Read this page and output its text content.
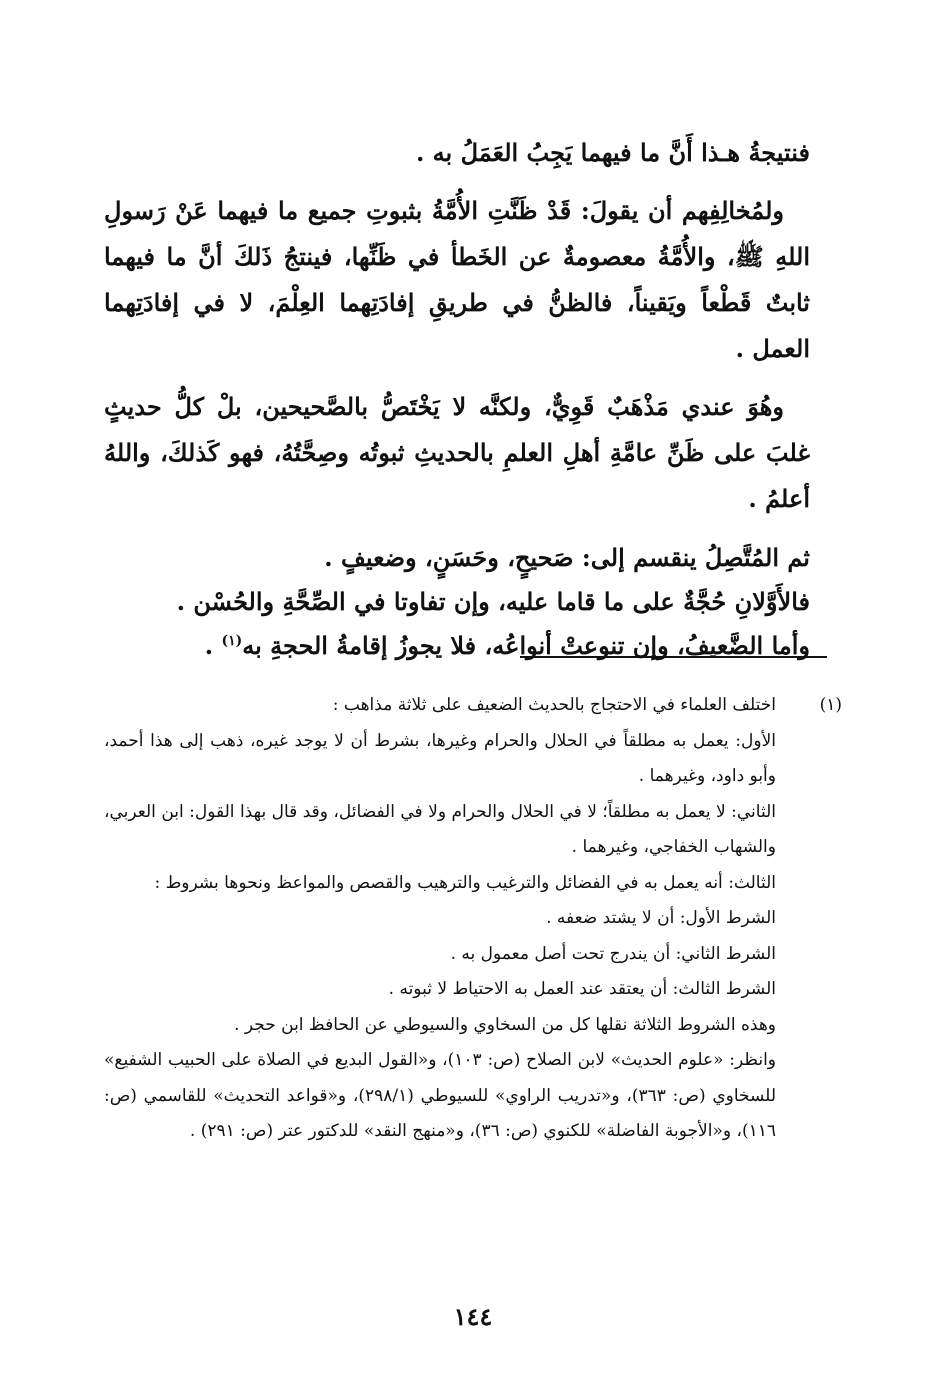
فنتيجةُ هـذا أَنَّ ما فيهما يَجِبُ العَمَلُ به .

ولمُخالِفِهم أن يقولَ: قَدْ ظَنَّتِ الأُمَّةُ بثبوتِ جميع ما فيهما عَنْ رَسولِ اللهِ ﷺ، والأُمَّةُ معصومةٌ عن الخَطأ في ظَنِّها، فينتجُ ذَلكَ أنَّ ما فيهما ثابتٌ قَطْعاً ويَقيناً، فالظنُّ في طريقِ إفادَتِهما العِلْمَ، لا في إفادَتِهما العمل .

وهُوَ عندي مَذْهَبٌ قَوِيٌّ، ولكنَّه لا يَخْتَصُّ بالصَّحيحين، بلْ كلُّ حديثٍ غلبَ على ظَنِّ عامَّةِ أهلِ العلمِ بالحديثِ ثبوتُه وصِحَّتُهُ، فهو كَذلكَ، واللهُ أعلمُ .

ثم المُتَّصِلُ ينقسم إلى: صَحيحٍ، وحَسَنٍ، وضعيفٍ .

فالأَوَّلانِ حُجَّةٌ على ما قاما عليه، وإن تفاوتا في الصِّحَّةِ والحُسْن .

وأما الضَّعيفُ، وإن تنوعتْ أنواعُه، فلا يجوزُ إقامةُ الحجةِ به$^{(١)}$ .

(١)

اختلف العلماء في الاحتجاج بالحديث الضعيف على ثلاثة مذاهب :

الأول: يعمل به مطلقاً في الحلال والحرام وغيرها، بشرط أن لا يوجد غيره، ذهب إلى هذا أحمد، وأبو داود، وغيرهما .

الثاني: لا يعمل به مطلقاً؛ لا في الحلال والحرام ولا في الفضائل، وقد قال بهذا القول: ابن العربي، والشهاب الخفاجي، وغيرهما .

الثالث: أنه يعمل به في الفضائل والترغيب والترهيب والقصص والمواعظ ونحوها بشروط :

الشرط الأول: أن لا يشتد ضعفه .

الشرط الثاني: أن يندرج تحت أصل معمول به .

الشرط الثالث: أن يعتقد عند العمل به الاحتياط لا ثبوته .

وهذه الشروط الثلاثة نقلها كل من السخاوي والسيوطي عن الحافظ ابن حجر .

وانظر: «علوم الحديث» لابن الصلاح (ص: ١٠٣)، و«القول البديع في الصلاة على الحبيب الشفيع» للسخاوي (ص: ٣٦٣)، و«تدريب الراوي» للسيوطي (٢٩٨/١)، و«قواعد التحديث» للقاسمي (ص: ١١٦)، و«الأجوبة الفاضلة» للكنوي (ص: ٣٦)، و«منهج النقد» للدكتور عتر (ص: ٢٩١) .

١٤٤
